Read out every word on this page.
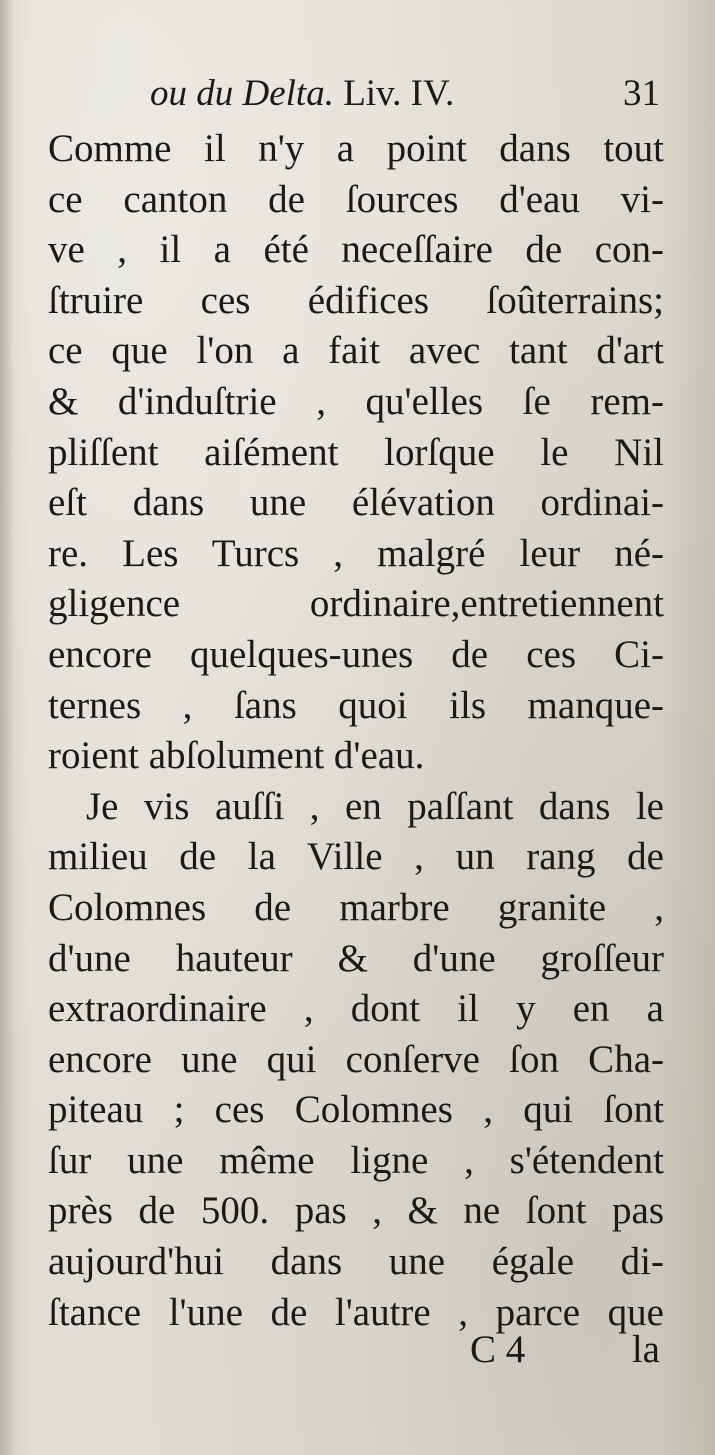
ou du Delta. Liv. IV.	31
Comme il n'y a point dans tout
ce canton de ſources d'eau vi-
ve , il a été neceſſaire de con-
ſtruire ces édifices ſoûterrains;
ce que l'on a fait avec tant d'art
& d'induſtrie , qu'elles ſe rem-
pliſſent aiſément lorſque le Nil
eſt dans une élévation ordinai-
re. Les Turcs , malgré leur né-
gligence ordinaire,entretiennent
encore quelques-unes de ces Ci-
ternes , ſans quoi ils manque-
roient abſolument d'eau.
Je vis auſſi , en paſſant dans le
milieu de la Ville , un rang de
Colomnes de marbre granite ,
d'une hauteur & d'une groſſeur
extraordinaire , dont il y en a
encore une qui conſerve ſon Cha-
piteau ; ces Colomnes , qui ſont
ſur une même ligne , s'étendent
près de 500. pas , & ne ſont pas
aujourd'hui dans une égale di-
ſtance l'une de l'autre , parce que
C 4	la
